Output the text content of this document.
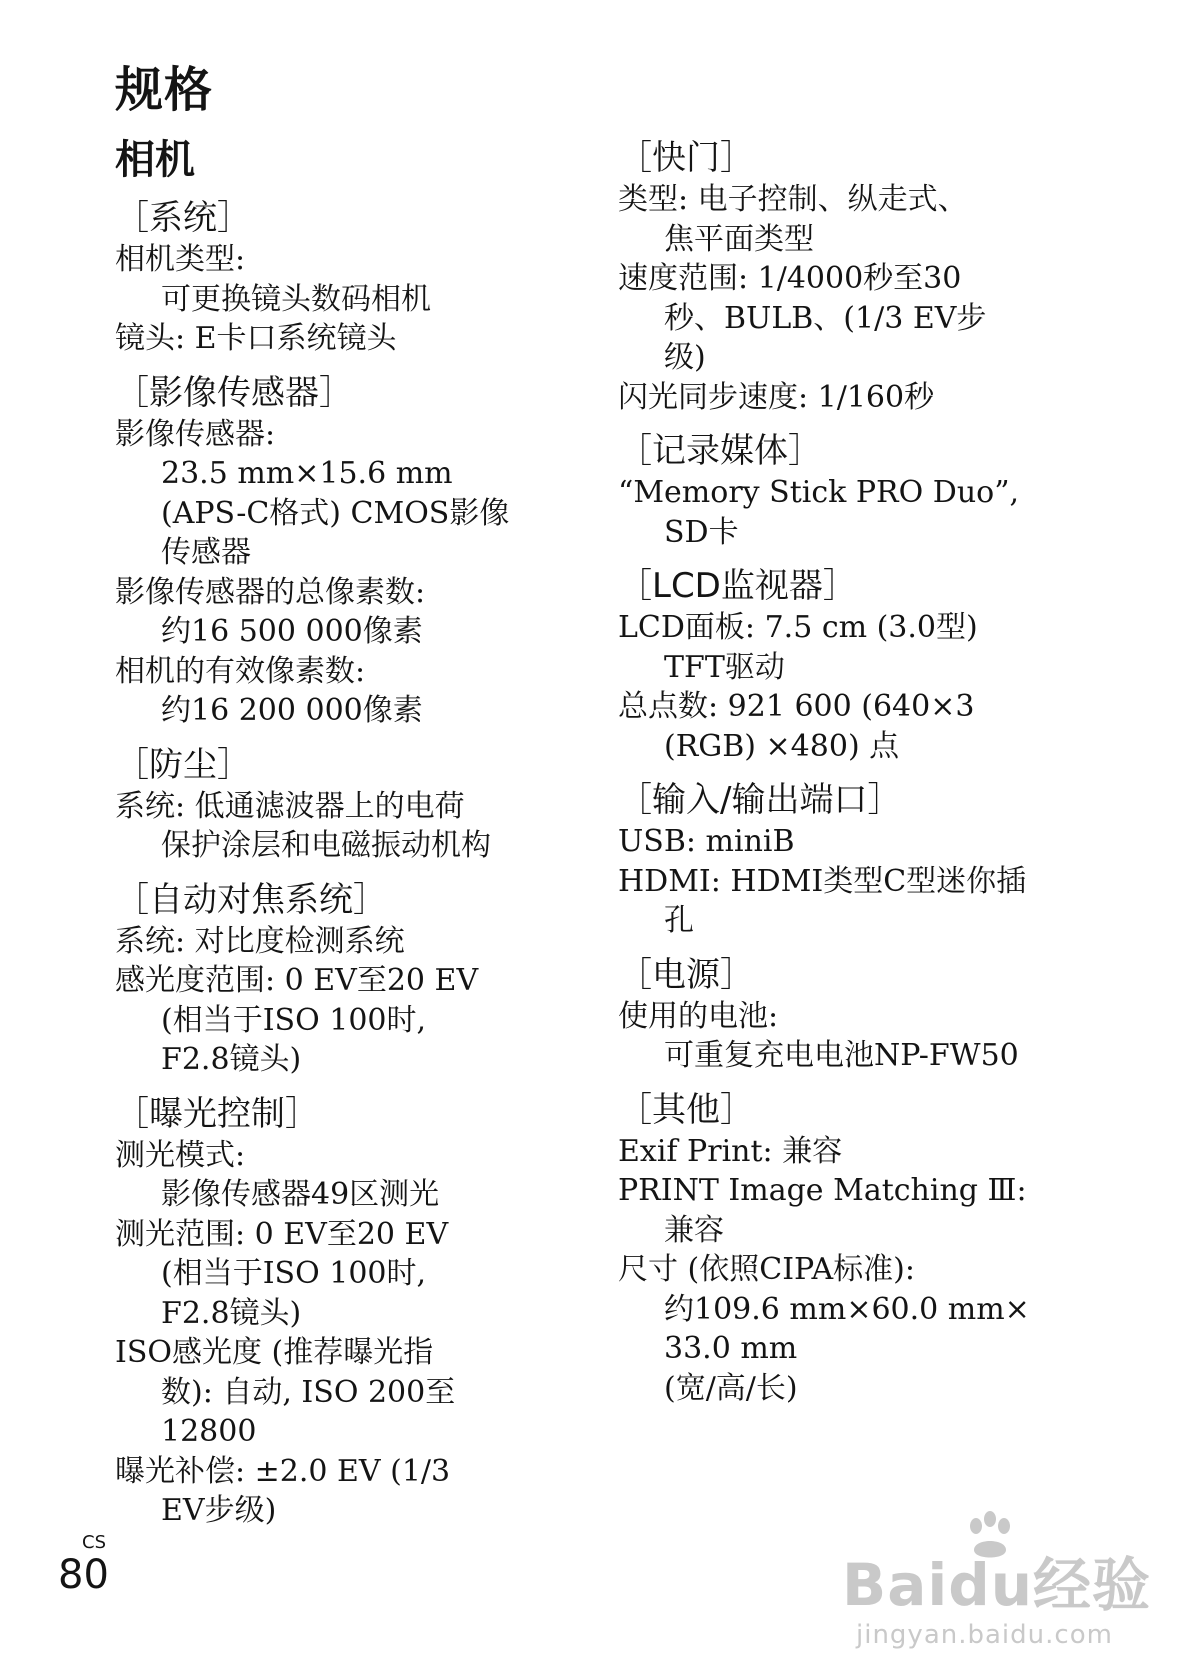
规格
相机
［系统］
相机类型:
可更换镜头数码相机
镜头: E卡口系统镜头
［影像传感器］
影像传感器:
23.5 mm×15.6 mm
(APS-C格式) CMOS影像
传感器
影像传感器的总像素数:
约16 500 000像素
相机的有效像素数:
约16 200 000像素
［防尘］
系统: 低通滤波器上的电荷
保护涂层和电磁振动机构
［自动对焦系统］
系统: 对比度检测系统
感光度范围: 0 EV至20 EV
(相当于ISO 100时,
F2.8镜头)
［曝光控制］
测光模式:
影像传感器49区测光
测光范围: 0 EV至20 EV
(相当于ISO 100时,
F2.8镜头)
ISO感光度 (推荐曝光指
数): 自动, ISO 200至
12800
曝光补偿: ±2.0 EV (1/3
EV步级)
［快门］
类型: 电子控制、纵走式、
焦平面类型
速度范围: 1/4000秒至30
秒、BULB、(1/3 EV步
级)
闪光同步速度: 1/160秒
［记录媒体］
“Memory Stick PRO Duo”,
SD卡
［LCD监视器］
LCD面板: 7.5 cm (3.0型)
TFT驱动
总点数: 921 600 (640×3
(RGB) ×480) 点
［输入/输出端口］
USB: miniB
HDMI: HDMI类型C型迷你插
孔
［电源］
使用的电池:
可重复充电电池NP-FW50
［其他］
Exif Print: 兼容
PRINT Image Matching Ⅲ:
兼容
尺寸 (依照CIPA标准):
约109.6 mm×60.0 mm×
33.0 mm
(宽/高/长)
CS
80	Baidu经验
jingyan.baidu.com
